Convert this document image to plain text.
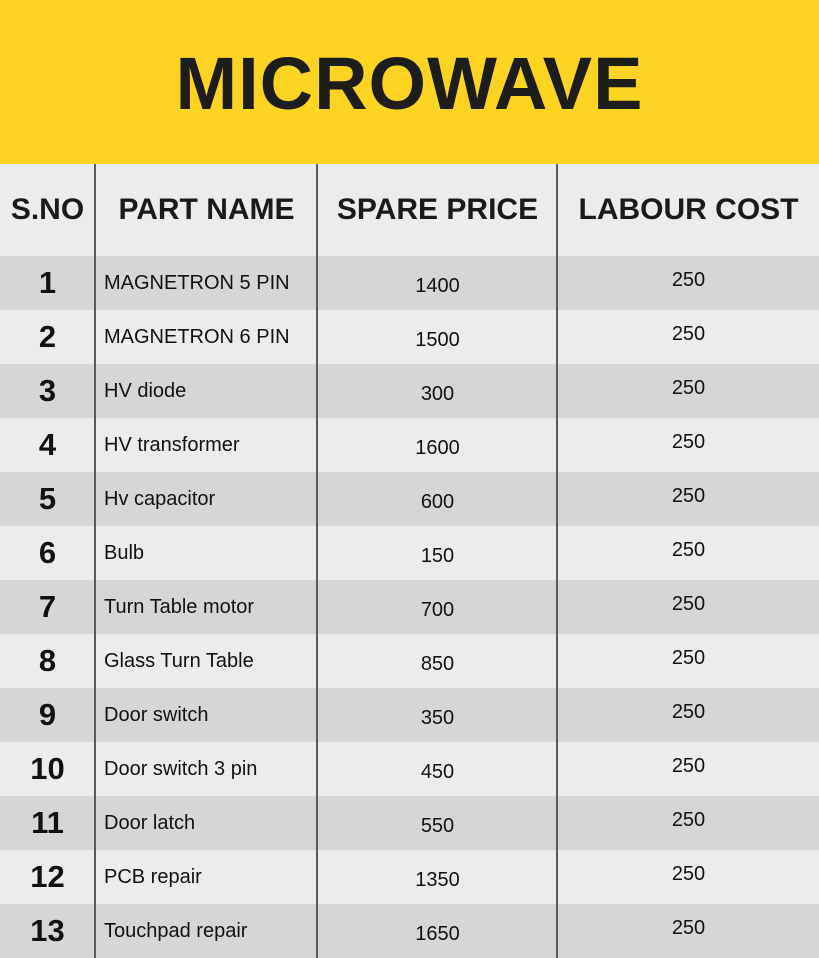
MICROWAVE
S.NO	PART NAME	SPARE PRICE	LABOUR COST
1	MAGNETRON 5 PIN	1400	250
2	MAGNETRON 6 PIN	1500	250
3	HV diode	300	250
4	HV transformer	1600	250
5	Hv capacitor	600	250
6	Bulb	150	250
7	Turn Table motor	700	250
8	Glass Turn Table	850	250
9	Door switch	350	250
10	Door switch 3 pin	450	250
11	Door latch	550	250
12	PCB repair	1350	250
13	Touchpad repair	1650	250
